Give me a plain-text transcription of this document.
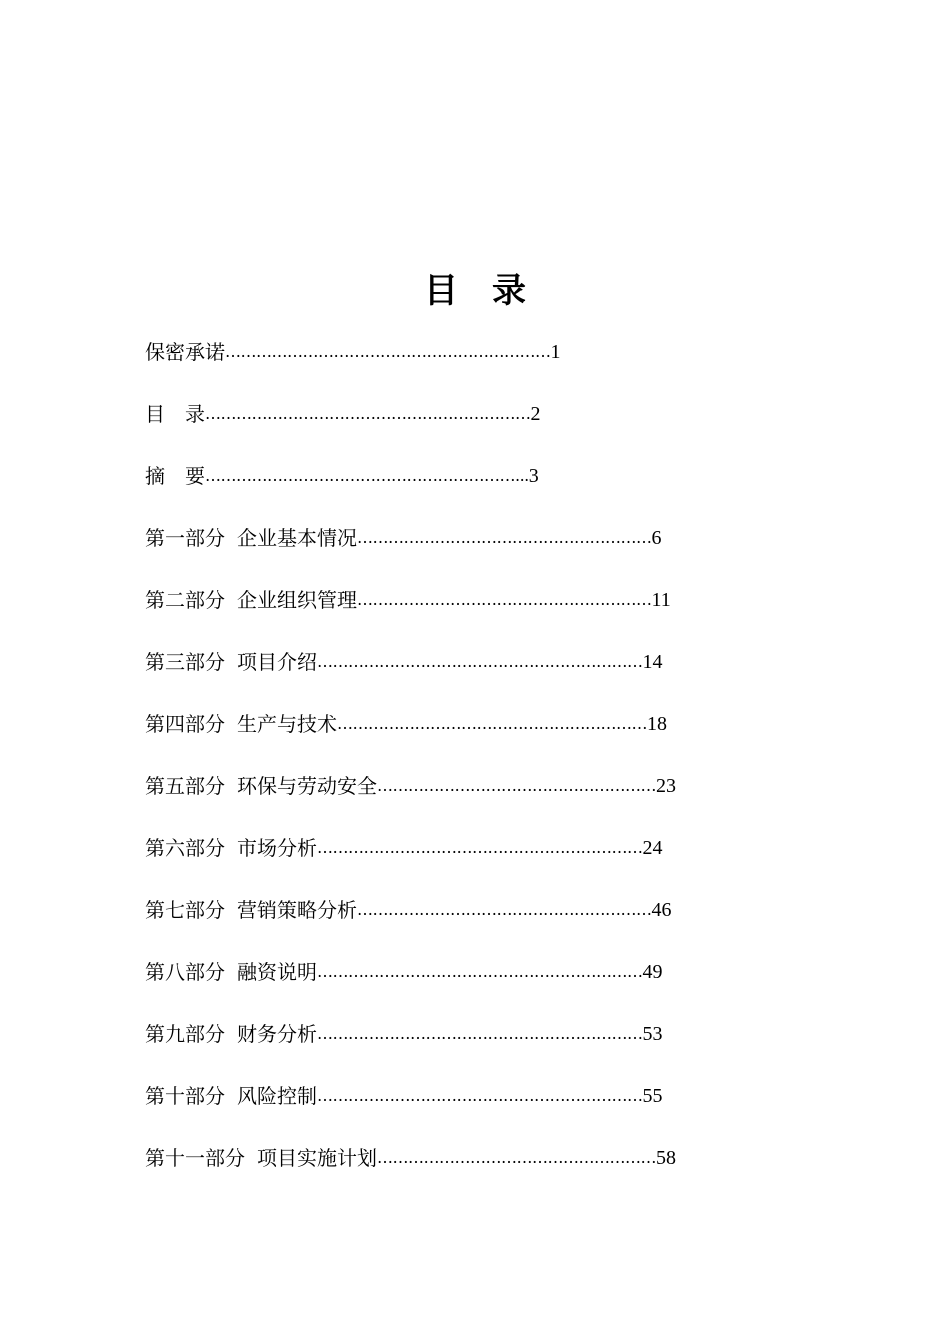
目　录
保密承诺………………………………………………………1
目　录………………………………………………………2
摘　要……………………………………………………...3
第一部分 企业基本情况…………………………………………………6
第二部分 企业组织管理…………………………………………………11
第三部分 项目介绍………………………………………………………14
第四部分 生产与技术……………………………………………………18
第五部分 环保与劳动安全………………………………………………23
第六部分 市场分析………………………………………………………24
第七部分 营销策略分析…………………………………………………46
第八部分 融资说明………………………………………………………49
第九部分 财务分析………………………………………………………53
第十部分 风险控制………………………………………………………55
第十一部分 项目实施计划………………………………………………58
